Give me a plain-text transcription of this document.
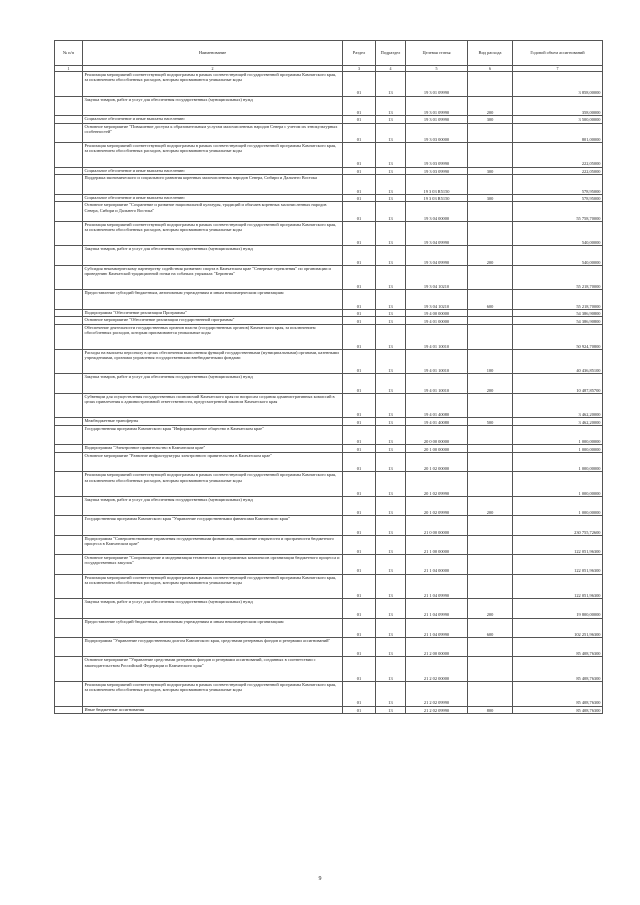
№ п/п	Наименование	Раздел	Подраздел	Целевая статья	Вид расхода	Годовой объем ассигнований
1	2	3	4	5	6	7
	Реализация мероприятий соответствующей подпрограммы в рамках соответствующей государственной программы Камчатского края, за исключением обособленных расходов, которым присваиваются уникальные коды	01	13	19 3 01 09990		3 858,00000
	Закупка товаров, работ и услуг для обеспечения государственных (муниципальных) нужд	01	13	19 3 01 09990	200	358,00000
	Социальное обеспечение и иные выплаты населению	01	13	19 3 01 09990	300	3 500,00000
	Основное мероприятие "Повышение доступа к образовательным услугам малочисленных народов Севера с учетом их этнокультурных особенностей"	01	13	19 3 03 00000		801,00000
	Реализация мероприятий соответствующей подпрограммы в рамках соответствующей государственной программы Камчатского края, за исключением обособленных расходов, которым присваиваются уникальные коды	01	13	19 3 03 09990		222,05000
	Социальное обеспечение и иные выплаты населению	01	13	19 3 03 09990	300	222,05000
	Поддержка экономического и социального развития коренных малочисленных народов Севера, Сибири и Дальнего Востока	01	13	19 3 03 R5150		578,95000
	Социальное обеспечение и иные выплаты населению	01	13	19 3 03 R5150	300	578,95000
	Основное мероприятие "Сохранение и развитие национальной культуры, традиций и обычаев коренных малочисленных народов Севера, Сибири и Дальнего Востока"	01	13	19 3 04 00000		55 758,70000
	Реализация мероприятий соответствующей подпрограммы в рамках соответствующей государственной программы Камчатского края, за исключением обособленных расходов, которым присваиваются уникальные коды	01	13	19 3 04 09990		540,00000
	Закупка товаров, работ и услуг для обеспечения государственных (муниципальных) нужд	01	13	19 3 04 09990	200	540,00000
	Субсидия некоммерческому партнерству содействия развитию спорта в Камчатском крае "Северные стремления" по организации и проведению Камчатской традиционной гонки на собачьих упряжках "Берингия"	01	13	19 3 04 10210		55 218,70000
	Предоставление субсидий бюджетным, автономным учреждениям и иным некоммерческим организациям	01	13	19 3 04 10210	600	55 218,70000
	Подпрограмма "Обеспечение реализации Программы"	01	13	19 4 00 00000		54 386,90800
	Основное мероприятие "Обеспечение реализации государственной программы"	01	13	19 4 01 00000		54 386,90800
	Обеспечение деятельности государственных органов власти (государственных органов) Камчатского края, за исключением обособленных расходов, которым присваиваются уникальные коды	01	13	19 4 01 10010		50 924,70800
	Расходы на выплаты персоналу в целях обеспечения выполнения функций государственными (муниципальными) органами, казенными учреждениями, органами управления государственными внебюджетными фондами	01	13	19 4 01 10010	100	40 436,85100
	Закупка товаров, работ и услуг для обеспечения государственных (муниципальных) нужд	01	13	19 4 01 10010	200	10 487,85700
	Субвенции для осуществления государственных полномочий Камчатского края по вопросам создания административных комиссий в целях привлечения к административной ответственности, предусмотренной законом Камчатского края	01	13	19 4 01 40080		3 462,20000
	Межбюджетные трансферты	01	13	19 4 01 40080	500	3 462,20000
	Государственная программа Камчатского края "Информационное общество в Камчатском крае"	01	13	20 0 00 00000		1 000,00000
	Подпрограмма "Электронное правительство в Камчатском крае"	01	13	20 1 00 00000		1 000,00000
	Основное мероприятие "Развитие инфраструктуры электронного правительства в Камчатском крае"	01	13	20 1 02 00000		1 000,00000
	Реализация мероприятий соответствующей подпрограммы в рамках соответствующей государственной программы Камчатского края, за исключением обособленных расходов, которым присваиваются уникальные коды	01	13	20 1 02 09990		1 000,00000
	Закупка товаров, работ и услуг для обеспечения государственных (муниципальных) нужд	01	13	20 1 02 09990	200	1 000,00000
	Государственная программа Камчатского края "Управление государственными финансами Камчатского края"	01	13	21 0 00 00000		230 755,72600
	Подпрограмма "Совершенствование управления государственными финансами, повышение открытости и прозрачности бюджетного процесса в Камчатском крае"	01	13	21 1 00 00000		122 051,96300
	Основное мероприятие "Сопровождение и модернизация технических и программных комплексов организации бюджетного процесса и государственных закупок"	01	13	21 1 04 00000		122 051,96300
	Реализация мероприятий соответствующей подпрограммы в рамках соответствующей государственной программы Камчатского края, за исключением обособленных расходов, которым присваиваются уникальные коды	01	13	21 1 04 09990		122 051,96300
	Закупка товаров, работ и услуг для обеспечения государственных (муниципальных) нужд	01	13	21 1 04 09990	200	19 800,00000
	Предоставление субсидий бюджетным, автономным учреждениям и иным некоммерческим организациям	01	13	21 1 04 09990	600	102 251,96300
	Подпрограмма "Управление государственным долгом Камчатского края, средствами резервных фондов и резервами ассигнований"	01	13	21 2 00 00000		85 408,76300
	Основное мероприятие "Управление средствами резервных фондов и резервами ассигнований, созданных в соответствии с законодательством Российской Федерации и Камчатского края"	01	13	21 2 02 00000		85 408,76300
	Реализация мероприятий соответствующей подпрограммы в рамках соответствующей государственной программы Камчатского края, за исключением обособленных расходов, которым присваиваются уникальные коды	01	13	21 2 02 09990		85 408,76300
	Иные бюджетные ассигнования	01	13	21 2 02 09990	800	85 408,76300
9
